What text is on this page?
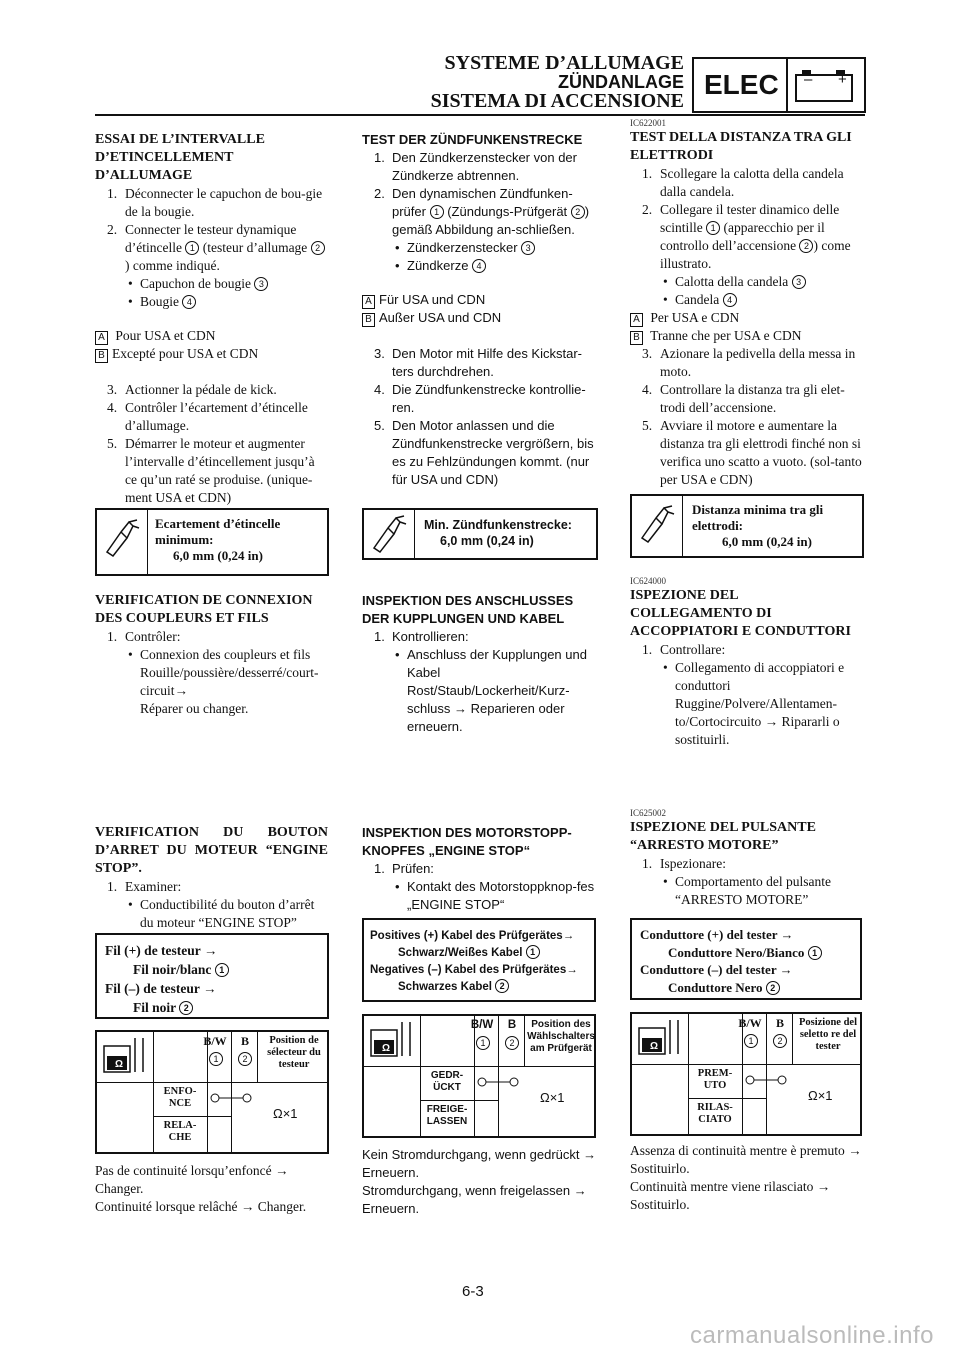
SYSTEME D’ALLUMAGE
ZÜNDANLAGE
SISTEMA DI ACCENSIONE
ELEC – +

ESSAI DE L’INTERVALLE D’ETINCELLEMENT D’ALLUMAGE

1. Déconnecter le capuchon de bou-gie de la bougie.
2. Connecter le testeur dynamique d’étincelle 1 (testeur d’allumage 2) comme indiqué.
• Capuchon de bougie 3
• Bougie 4
A Pour USA et CDN
B Excepté pour USA et CDN
3. Actionner la pédale de kick.
4. Contrôler l’écartement d’étincelle d’allumage.
5. Démarrer le moteur et augmenter l’intervalle d’étincellement jusqu’à ce qu’un raté se produise. (unique-ment USA et CDN)
Ecartement d’étincelle
minimum:
6,0 mm (0,24 in)

VERIFICATION DE CONNEXION DES COUPLEURS ET FILS

1. Contrôler:
• Connexion des coupleurs et fils
Rouille/poussière/desserré/court-circuit→
Réparer ou changer.

VERIFICATION DU BOUTON D’ARRET DU MOTEUR “ENGINE STOP”.

1. Examiner:
• Conductibilité du bouton d’arrêt du moteur “ENGINE STOP”
Fil (+) de testeur →
Fil noir/blanc 1
Fil (–) de testeur →
Fil noir 2
Ω
B/W
1
B
2
Position de sélecteur du testeur
ENFO-NCE
RELA-CHE
Ω×1
Pas de continuité lorsqu’enfoncé → Changer.
Continuité lorsque relâché → Changer.

TEST DER ZÜNDFUNKENSTRECKE

1. Den Zündkerzenstecker von der Zündkerze abtrennen.
2. Den dynamischen Zündfunken-prüfer 1 (Zündungs-Prüfgerät 2 ) gemäß Abbildung an-schließen.
• Zündkerzenstecker 3
• Zündkerze 4
A Für USA und CDN
B Außer USA und CDN
3. Den Motor mit Hilfe des Kickstar-ters durchdrehen.
4. Die Zündfunkenstrecke kontrollie-ren.
5. Den Motor anlassen und die Zündfunkenstrecke vergrößern, bis es zu Fehlzündungen kommt. (nur für USA und CDN)
Min. Zündfunkenstrecke:
6,0 mm (0,24 in)

INSPEKTION DES ANSCHLUSSES DER KUPPLUNGEN UND KABEL

1. Kontrollieren:
• Anschluss der Kupplungen und Kabel
Rost/Staub/Lockerheit/Kurz-schluss → Reparieren oder erneuern.

INSPEKTION DES MOTORSTOPP-KNOPFES „ENGINE STOP“

1. Prüfen:
• Kontakt des Motorstoppknop-fes „ENGINE STOP“
Positives (+) Kabel des Prüfgerätes→
Schwarz/Weißes Kabel 1
Negatives (–) Kabel des Prüfgerätes→
Schwarzes Kabel 2
Ω
B/W
1
B
2
Position des Wählschalters am Prüfgerät
GEDR-ÜCKT
FREIGE-LASSEN
Ω×1
Kein Stromdurchgang, wenn gedrückt → Erneuern.
Stromdurchgang, wenn freigelassen → Erneuern.
IC622001

TEST DELLA DISTANZA TRA GLI ELETTRODI

1. Scollegare la calotta della candela dalla candela.
2. Collegare il tester dinamico delle scintille 1 (apparecchio per il controllo dell’accensione 2 ) come illustrato.
• Calotta della candela 3
• Candela 4
A Per USA e CDN
B Tranne che per USA e CDN
3. Azionare la pedivella della messa in moto.
4. Controllare la distanza tra gli elet-trodi dell’accensione.
5. Avviare il motore e aumentare la distanza tra gli elettrodi finché non si verifica uno scatto a vuoto. (sol-tanto per USA e CDN)
Distanza minima tra gli
elettrodi:
6,0 mm (0,24 in)
IC624000

ISPEZIONE DEL COLLEGAMENTO DI ACCOPPIATORI E CONDUTTORI

1. Controllare:
• Collegamento di accoppiatori e conduttori
Ruggine/Polvere/Allentamen-to/Cortocircuito → Ripararli o sostituirli.
IC625002

ISPEZIONE DEL PULSANTE “ARRESTO MOTORE”

1. Ispezionare:
• Comportamento del pulsante “ARRESTO MOTORE”
Conduttore (+) del tester →
Conduttore Nero/Bianco 1
Conduttore (–) del tester →
Conduttore Nero 2
Ω
B/W
1
B
2
Posizione del seletto re del tester
PREM-UTO
RILAS-CIATO
Ω×1
Assenza di continuità mentre è premuto → Sostituirlo.
Continuità mentre viene rilasciato → Sostituirlo.
6-3
carmanualsonline.info
